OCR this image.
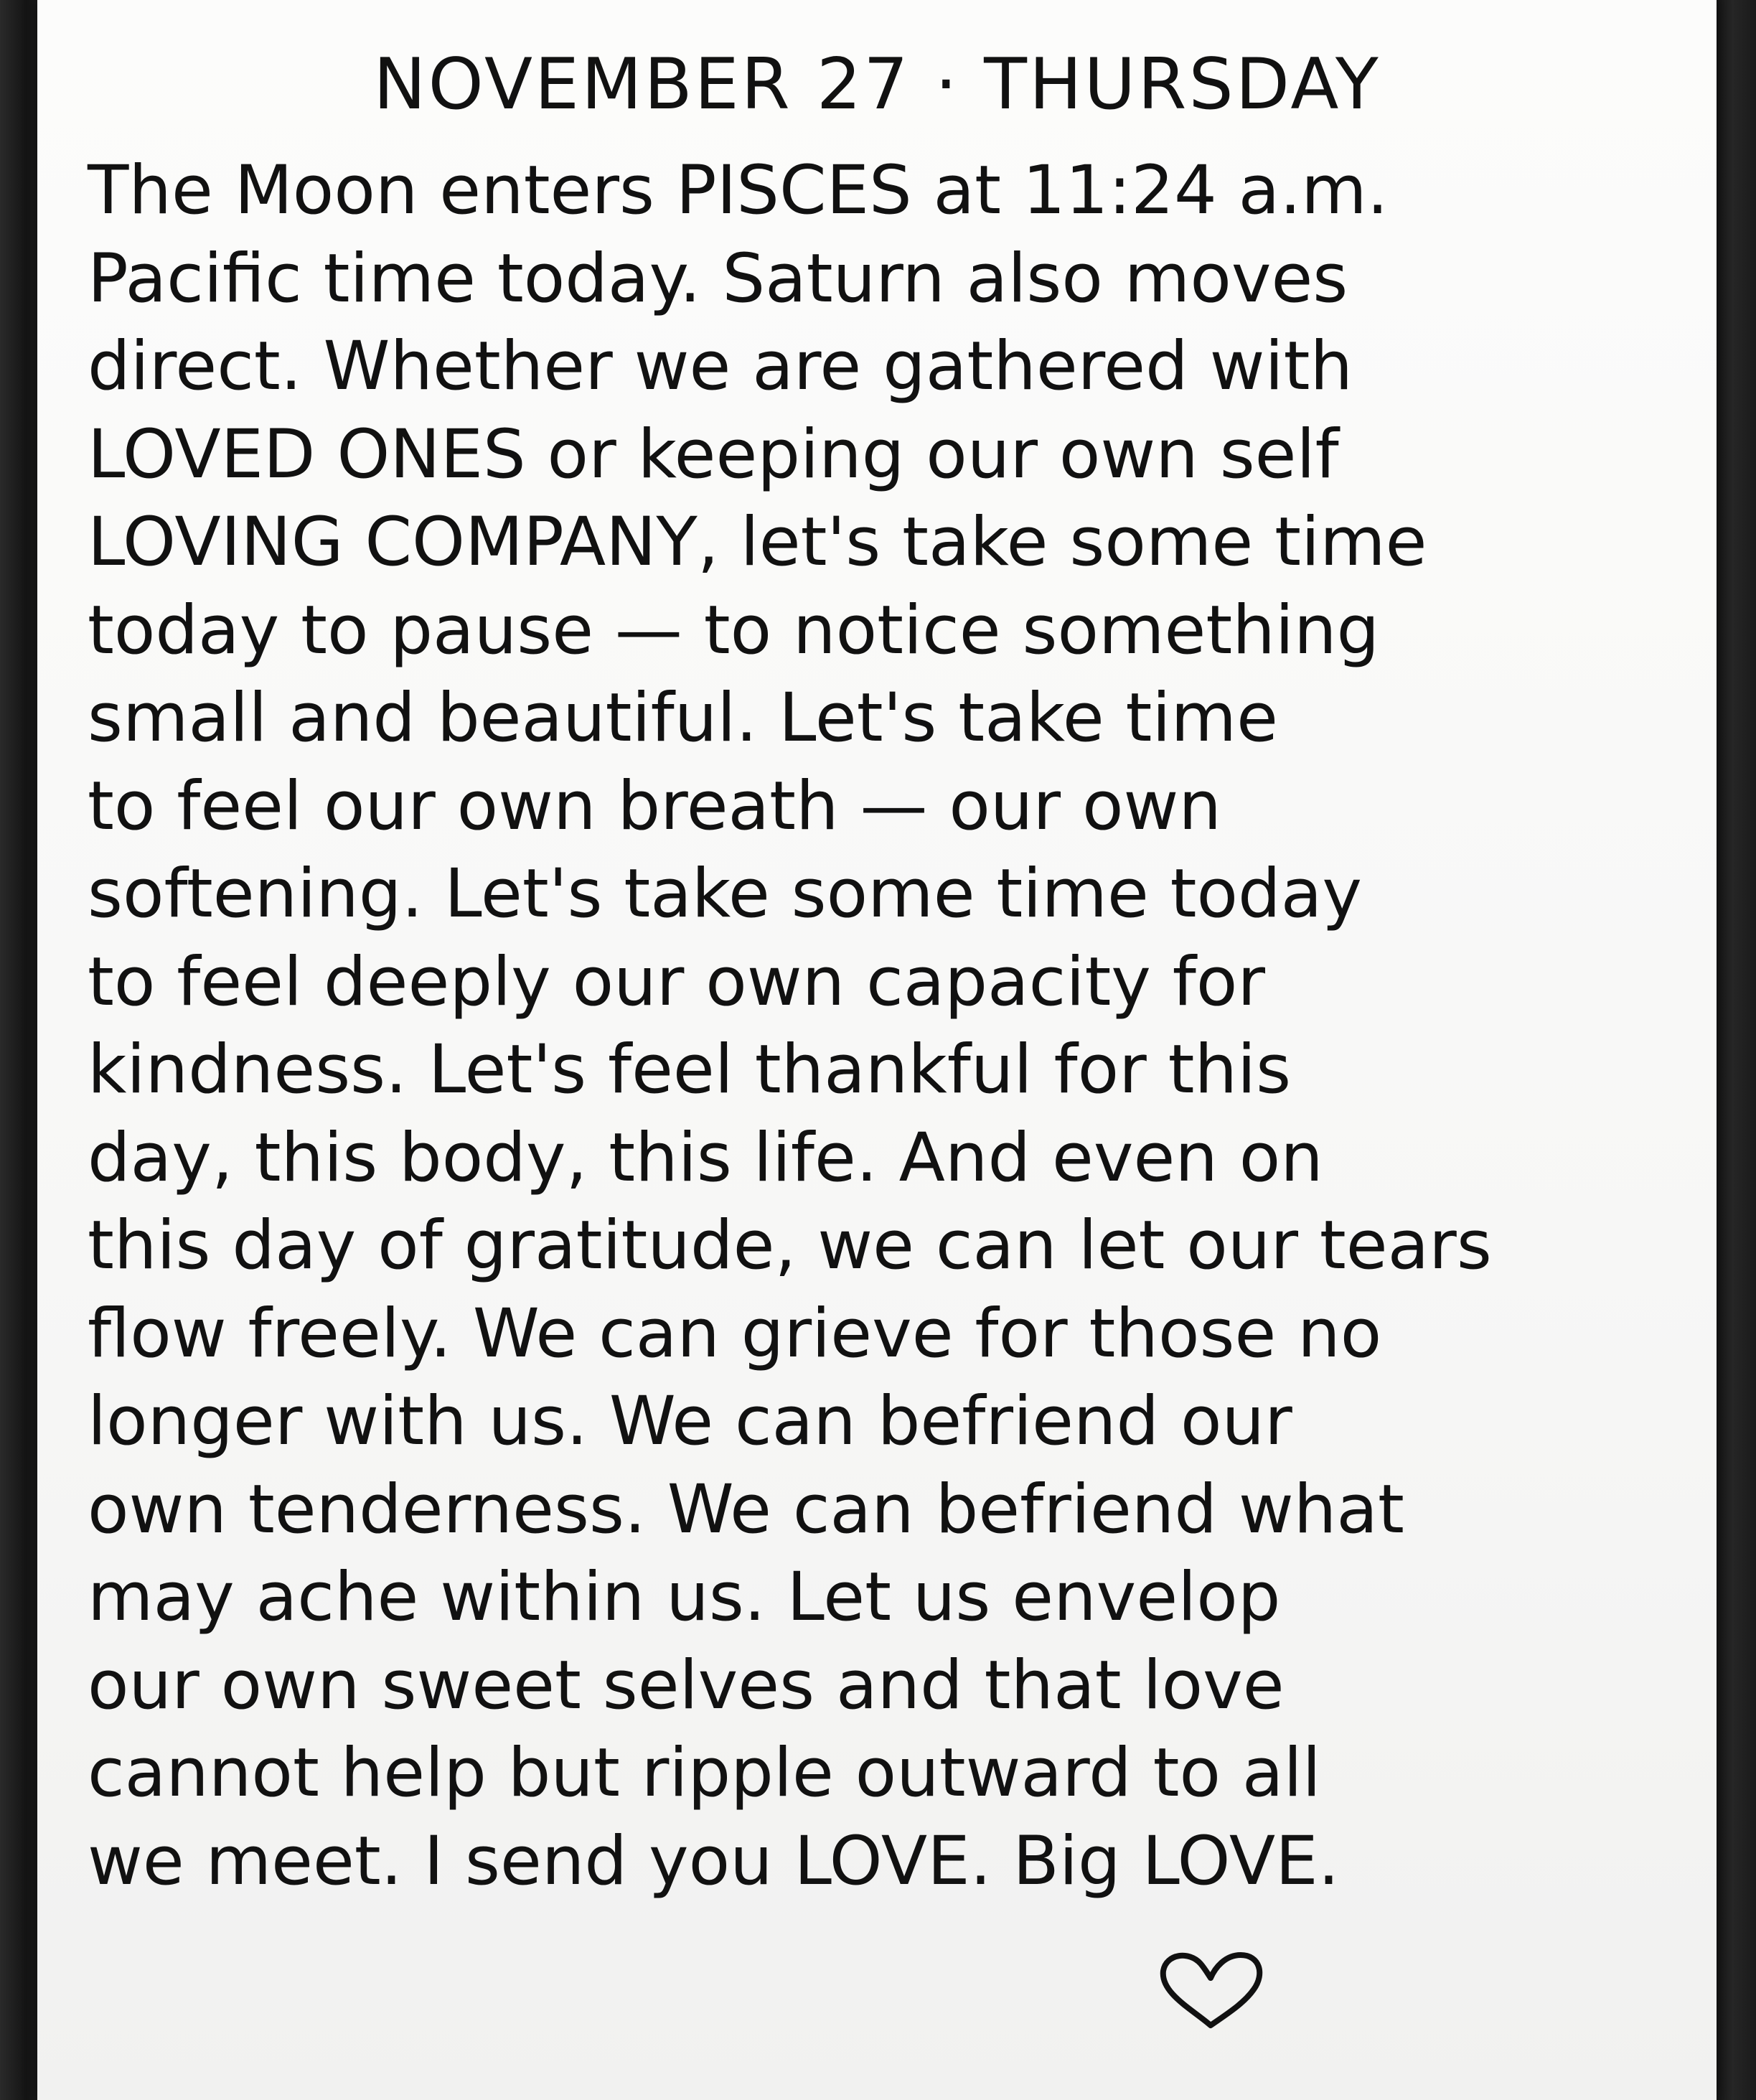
NOVEMBER 27 · THURSDAY
The Moon enters PISCES at 11:24 a.m.
Pacific time today. Saturn also moves
direct. Whether we are gathered with
LOVED ONES or keeping our own self
LOVING COMPANY, let's take some time
today to pause — to notice something
small and beautiful. Let's take time
to feel our own breath — our own
softening. Let's take some time today
to feel deeply our own capacity for
kindness. Let's feel thankful for this
day, this body, this life. And even on
this day of gratitude, we can let our tears
flow freely. We can grieve for those no
longer with us. We can befriend our
own tenderness. We can befriend what
may ache within us. Let us envelop
our own sweet selves and that love
cannot help but ripple outward to all
we meet. I send you LOVE. Big LOVE.
